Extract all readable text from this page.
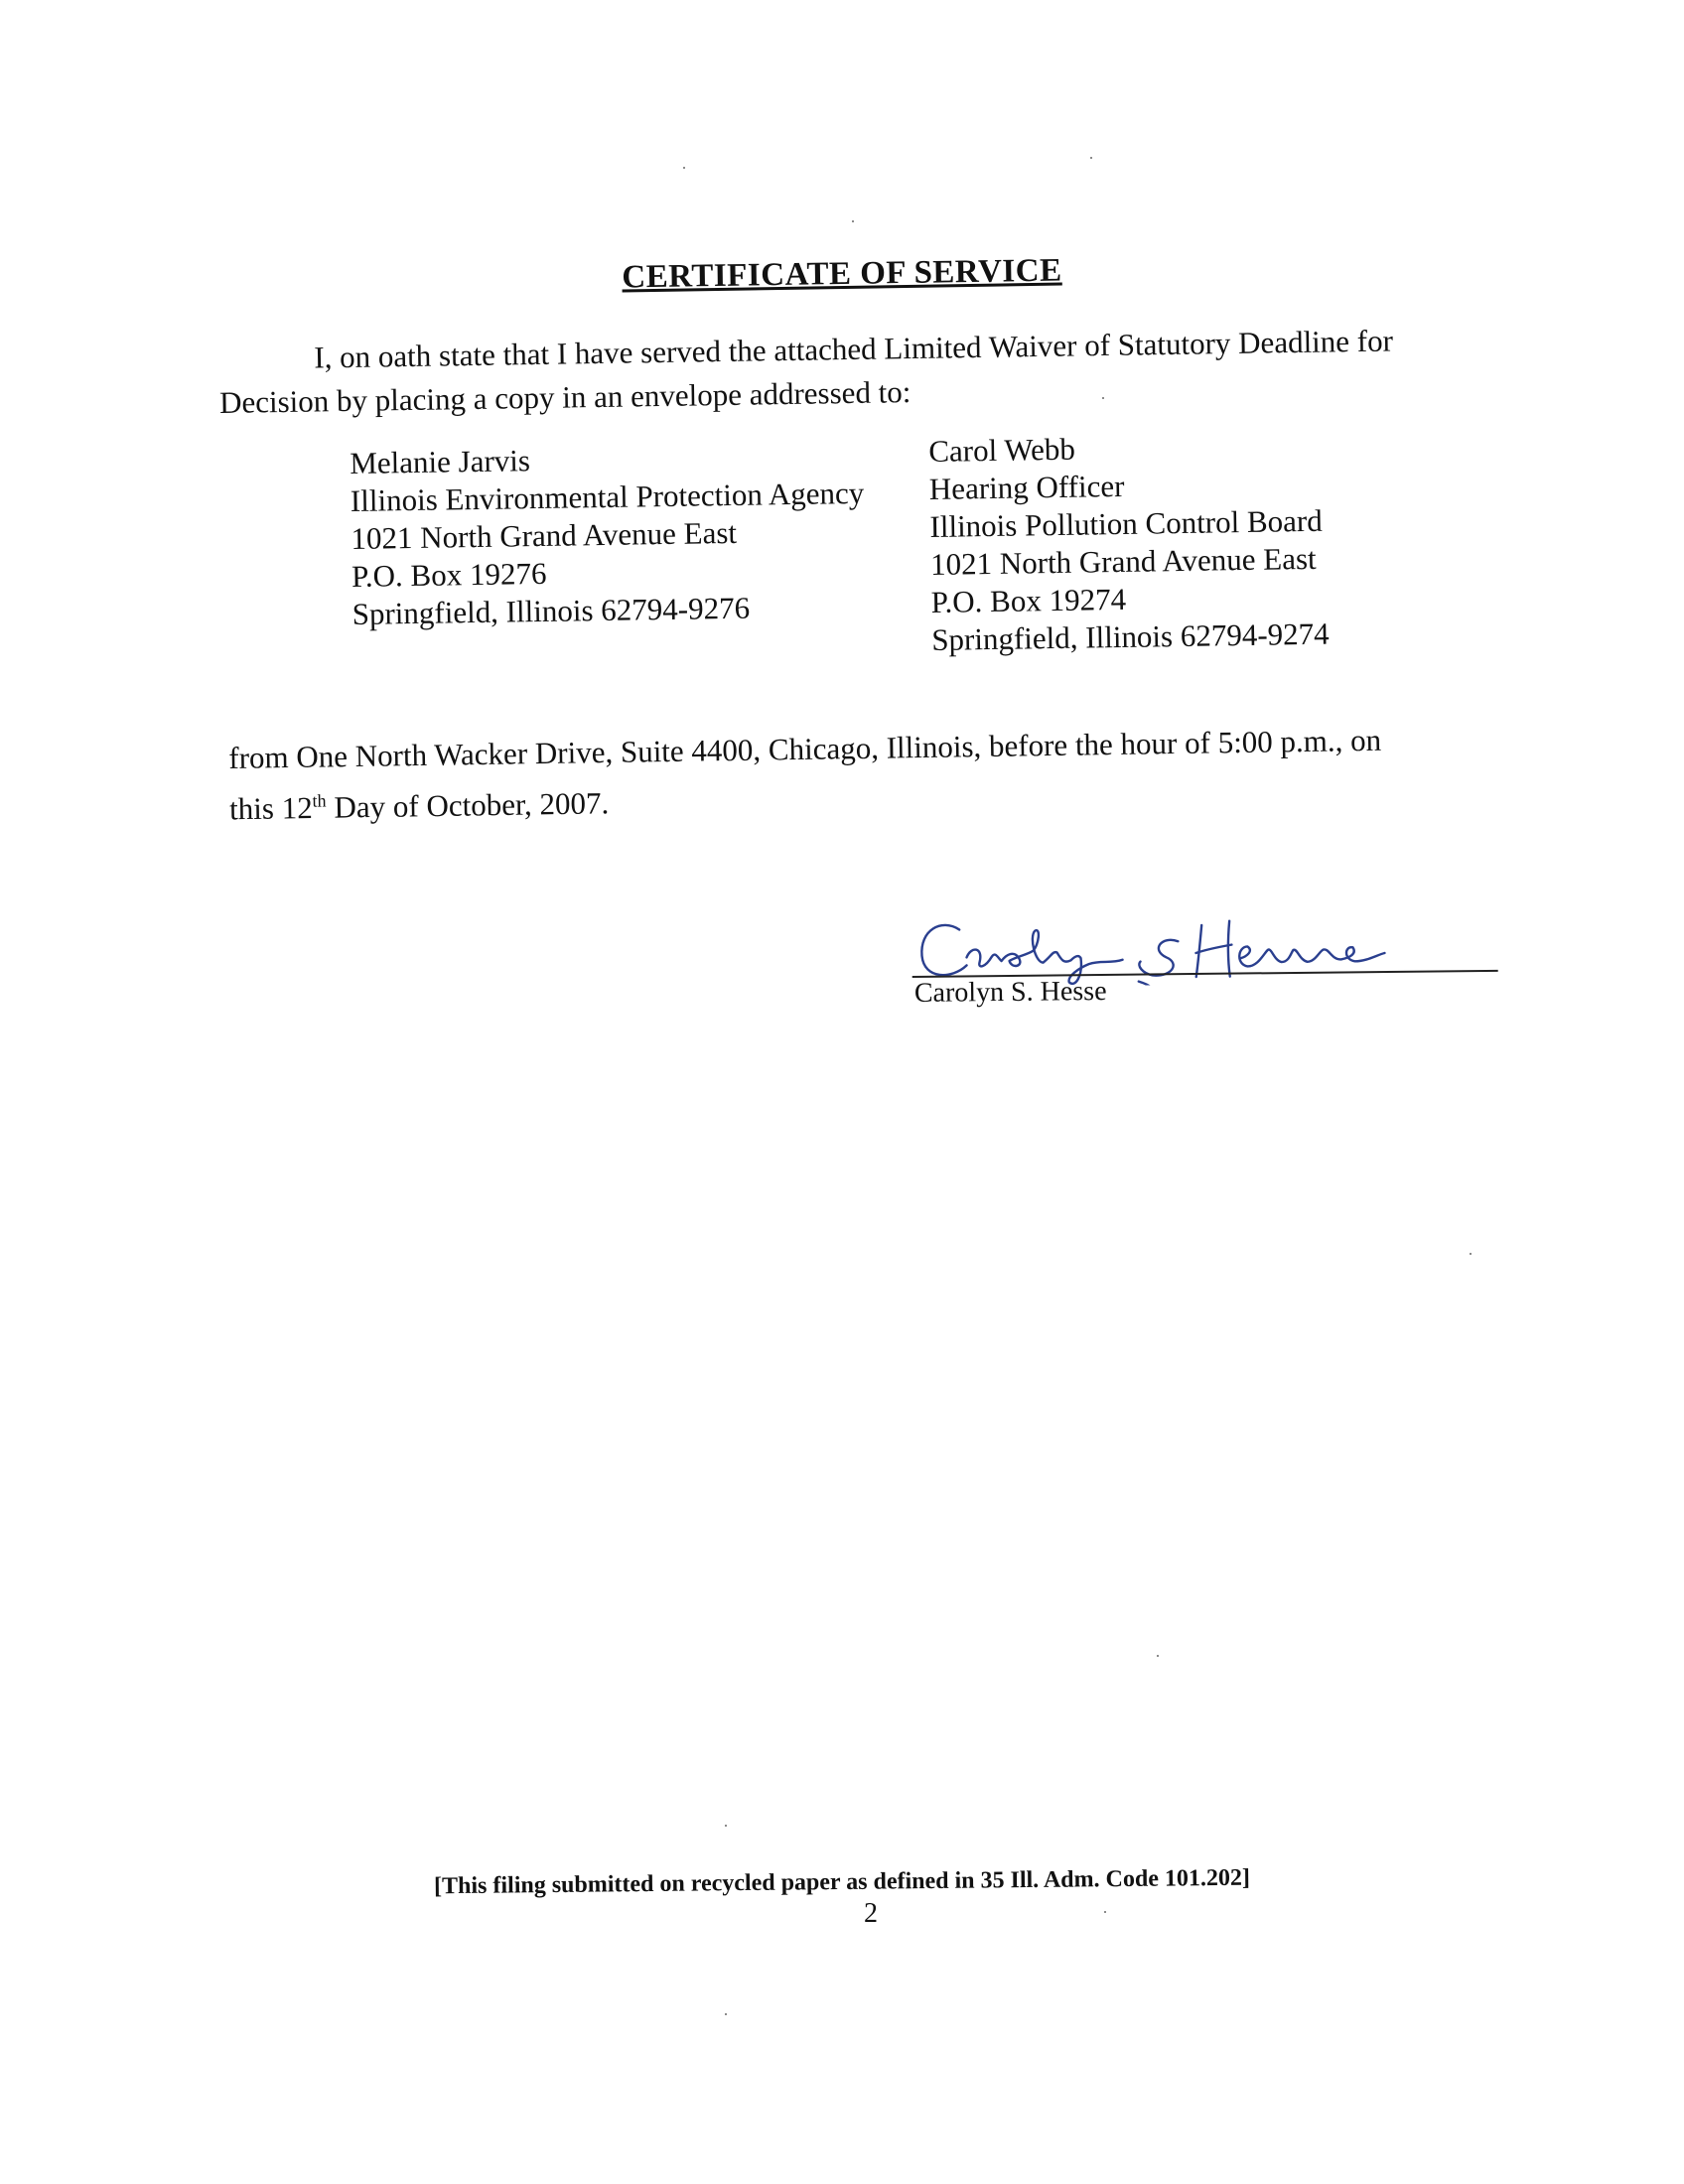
CERTIFICATE OF SERVICE
I, on oath state that I have served the attached Limited Waiver of Statutory Deadline for
Decision by placing a copy in an envelope addressed to:
Melanie Jarvis
Illinois Environmental Protection Agency
1021 North Grand Avenue East
P.O. Box 19276
Springfield, Illinois 62794-9276
Carol Webb
Hearing Officer
Illinois Pollution Control Board
1021 North Grand Avenue East
P.O. Box 19274
Springfield, Illinois 62794-9274
from One North Wacker Drive, Suite 4400, Chicago, Illinois, before the hour of 5:00 p.m., on
this 12th Day of October, 2007.
Carolyn S. Hesse
[This filing submitted on recycled paper as defined in 35 Ill. Adm. Code 101.202]
2
